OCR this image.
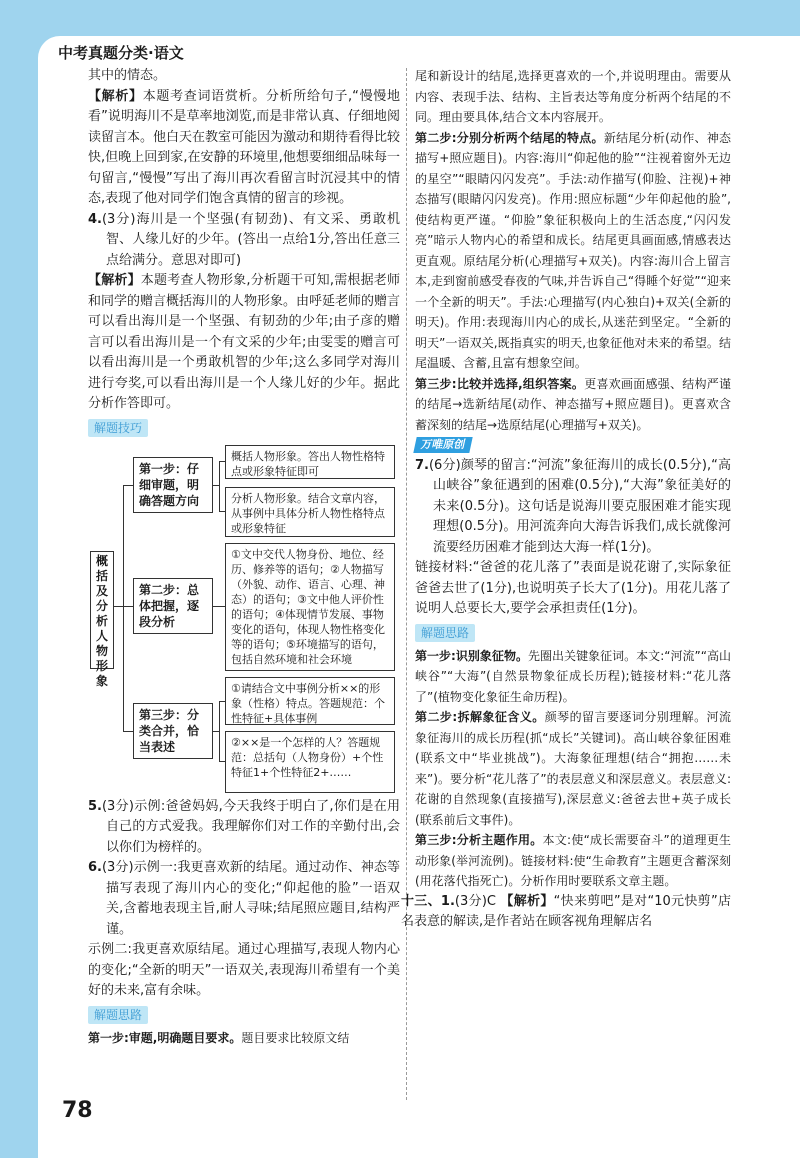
中考真题分类·语文

其中的情态。

【解析】本题考查词语赏析。分析所给句子,“慢慢地看”说明海川不是草率地浏览,而是非常认真、仔细地阅读留言本。他白天在教室可能因为激动和期待看得比较快,但晚上回到家,在安静的环境里,他想要细细品味每一句留言,“慢慢”写出了海川再次看留言时沉浸其中的情态,表现了他对同学们饱含真情的留言的珍视。

4.(3分)海川是一个坚强(有韧劲)、有文采、勇敢机智、人缘儿好的少年。(答出一点给1分,答出任意三点给满分。意思对即可)

【解析】本题考查人物形象,分析题干可知,需根据老师和同学的赠言概括海川的人物形象。由呼延老师的赠言可以看出海川是一个坚强、有韧劲的少年;由子彦的赠言可以看出海川是一个有文采的少年;由雯雯的赠言可以看出海川是一个勇敢机智的少年;这么多同学对海川进行夸奖,可以看出海川是一个人缘儿好的少年。据此分析作答即可。

解题技巧
概括及分析人物形象
第一步：仔细审题，明确答题方向
概括人物形象。答出人物性格特点或形象特征即可
分析人物形象。结合文章内容，从事例中具体分析人物性格特点或形象特征
第二步：总体把握，逐段分析
①文中交代人物身份、地位、经历、修养等的语句；②人物描写（外貌、动作、语言、心理、神态）的语句；③文中他人评价性的语句；④体现情节发展、事物变化的语句，体现人物性格变化等的语句；⑤环境描写的语句，包括自然环境和社会环境
第三步：分类合并，恰当表述
①请结合文中事例分析××的形象（性格）特点。答题规范：个性特征+具体事例
②××是一个怎样的人？答题规范：总括句（人物身份）+个性特征1+个性特征2+……

5.(3分)示例:爸爸妈妈,今天我终于明白了,你们是在用自己的方式爱我。我理解你们对工作的辛勤付出,会以你们为榜样的。

6.(3分)示例一:我更喜欢新的结尾。通过动作、神态等描写表现了海川内心的变化;“仰起他的脸”一语双关,含蓄地表现主旨,耐人寻味;结尾照应题目,结构严谨。

示例二:我更喜欢原结尾。通过心理描写,表现人物内心的变化;“全新的明天”一语双关,表现海川希望有一个美好的未来,富有余味。

解题思路

第一步:审题,明确题目要求。题目要求比较原文结

尾和新设计的结尾,选择更喜欢的一个,并说明理由。需要从内容、表现手法、结构、主旨表达等角度分析两个结尾的不同。理由要具体,结合文本内容展开。

第二步:分别分析两个结尾的特点。新结尾分析(动作、神态描写+照应题目)。内容:海川“仰起他的脸”“注视着窗外无边的星空”“眼睛闪闪发亮”。手法:动作描写(仰脸、注视)+神态描写(眼睛闪闪发亮)。作用:照应标题“少年仰起他的脸”,使结构更严谨。“仰脸”象征积极向上的生活态度,“闪闪发亮”暗示人物内心的希望和成长。结尾更具画面感,情感表达更直观。原结尾分析(心理描写+双关)。内容:海川合上留言本,走到窗前感受春夜的气味,并告诉自己“得睡个好觉”“迎来一个全新的明天”。手法:心理描写(内心独白)+双关(全新的明天)。作用:表现海川内心的成长,从迷茫到坚定。“全新的明天”一语双关,既指真实的明天,也象征他对未来的希望。结尾温暖、含蓄,且富有想象空间。

第三步:比较并选择,组织答案。更喜欢画面感强、结构严谨的结尾→选新结尾(动作、神态描写+照应题目)。更喜欢含蓄深刻的结尾→选原结尾(心理描写+双关)。

万唯原创

7.(6分)颜琴的留言:“河流”象征海川的成长(0.5分),“高山峡谷”象征遇到的困难(0.5分),“大海”象征美好的未来(0.5分)。这句话是说海川要克服困难才能实现理想(0.5分)。用河流奔向大海告诉我们,成长就像河流要经历困难才能到达大海一样(1分)。

链接材料:“爸爸的花儿落了”表面是说花谢了,实际象征爸爸去世了(1分),也说明英子长大了(1分)。用花儿落了说明人总要长大,要学会承担责任(1分)。

解题思路

第一步:识别象征物。先圈出关键象征词。本文:“河流”“高山峡谷”“大海”(自然景物象征成长历程);链接材料:“花儿落了”(植物变化象征生命历程)。

第二步:拆解象征含义。颜琴的留言要逐词分别理解。河流象征海川的成长历程(抓“成长”关键词)。高山峡谷象征困难(联系文中“毕业挑战”)。大海象征理想(结合“拥抱……未来”)。要分析“花儿落了”的表层意义和深层意义。表层意义:花谢的自然现象(直接描写),深层意义:爸爸去世+英子成长(联系前后文事件)。

第三步:分析主题作用。本文:使“成长需要奋斗”的道理更生动形象(举河流例)。链接材料:使“生命教育”主题更含蓄深刻(用花落代指死亡)。分析作用时要联系文章主题。

十三、1.(3分)C 【解析】“快来剪吧”是对“10元快剪”店名表意的解读,是作者站在顾客视角理解店名

78
